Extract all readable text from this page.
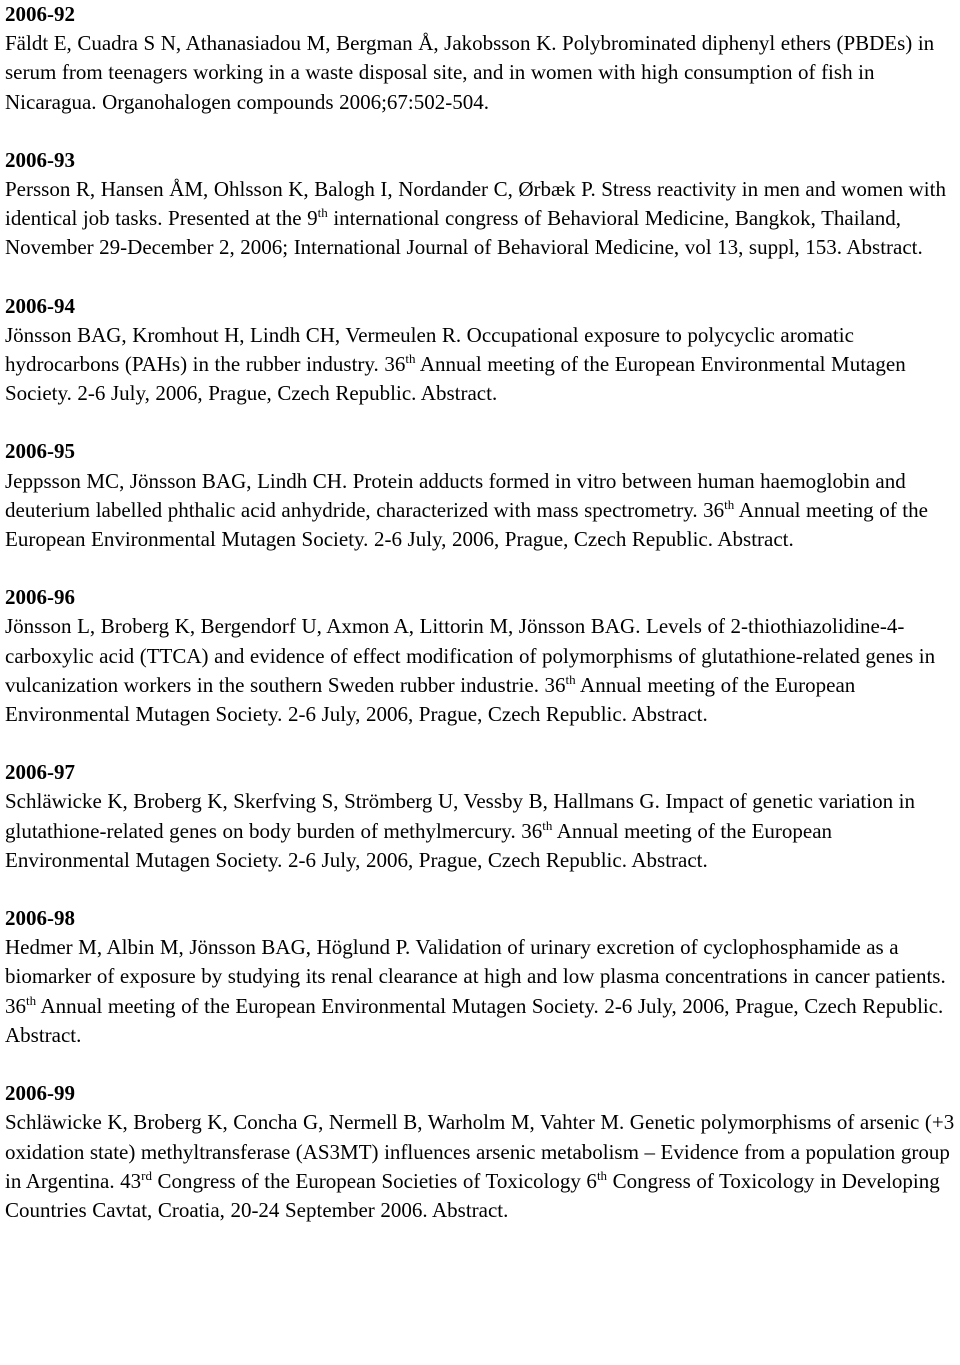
2006-92
Fäldt E, Cuadra S N, Athanasiadou M, Bergman Å, Jakobsson K. Polybrominated diphenyl ethers (PBDEs) in serum from teenagers working in a waste disposal site, and in women with high consumption of fish in Nicaragua. Organohalogen compounds 2006;67:502-504.
2006-93
Persson R, Hansen ÅM, Ohlsson K, Balogh I, Nordander C, Ørbæk P. Stress reactivity in men and women with identical job tasks. Presented at the 9th international congress of Behavioral Medicine, Bangkok, Thailand, November 29-December 2, 2006; International Journal of Behavioral Medicine, vol 13, suppl, 153. Abstract.
2006-94
Jönsson BAG, Kromhout H, Lindh CH, Vermeulen R. Occupational exposure to polycyclic aromatic hydrocarbons (PAHs) in the rubber industry. 36th Annual meeting of the European Environmental Mutagen Society. 2-6 July, 2006, Prague, Czech Republic. Abstract.
2006-95
Jeppsson MC, Jönsson BAG, Lindh CH. Protein adducts formed in vitro between human haemoglobin and deuterium labelled phthalic acid anhydride, characterized with mass spectrometry. 36th Annual meeting of the European Environmental Mutagen Society. 2-6 July, 2006, Prague, Czech Republic. Abstract.
2006-96
Jönsson L, Broberg K, Bergendorf U, Axmon A, Littorin M, Jönsson BAG. Levels of 2-thiothiazolidine-4-carboxylic acid (TTCA) and evidence of effect modification of polymorphisms of glutathione-related genes in vulcanization workers in the southern Sweden rubber industrie. 36th Annual meeting of the European Environmental Mutagen Society. 2-6 July, 2006, Prague, Czech Republic. Abstract.
2006-97
Schläwicke K, Broberg K, Skerfving S, Strömberg U, Vessby B, Hallmans G. Impact of genetic variation in glutathione-related genes on body burden of methylmercury. 36th Annual meeting of the European Environmental Mutagen Society. 2-6 July, 2006, Prague, Czech Republic. Abstract.
2006-98
Hedmer M, Albin M, Jönsson BAG, Höglund P. Validation of urinary excretion of cyclophosphamide as a biomarker of exposure by studying its renal clearance at high and low plasma concentrations in cancer patients. 36th Annual meeting of the European Environmental Mutagen Society. 2-6 July, 2006, Prague, Czech Republic. Abstract.
2006-99
Schläwicke K, Broberg K, Concha G, Nermell B, Warholm M, Vahter M. Genetic polymorphisms of arsenic (+3 oxidation state) methyltransferase (AS3MT) influences arsenic metabolism – Evidence from a population group in Argentina. 43rd Congress of the European Societies of Toxicology 6th Congress of Toxicology in Developing Countries Cavtat, Croatia, 20-24 September 2006. Abstract.
